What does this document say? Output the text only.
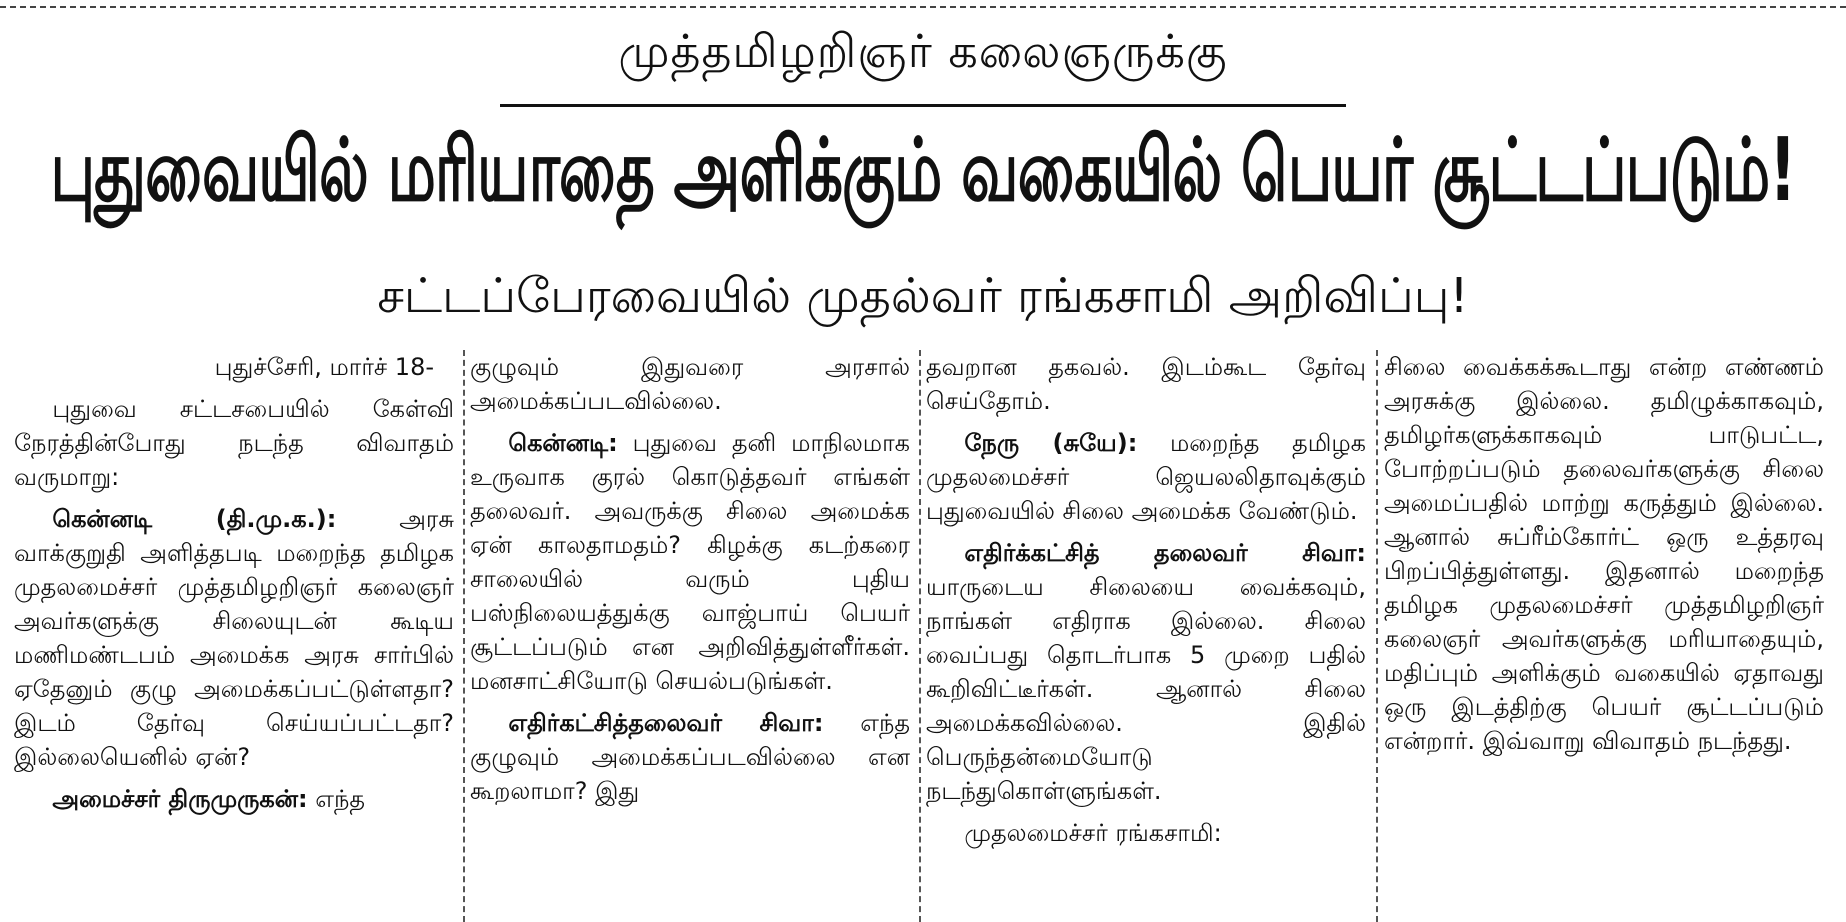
முத்தமிழறிஞர் கலைஞருக்கு
புதுவையில் மரியாதை அளிக்கும் வகையில் பெயர் சூட்டப்படும்!
சட்டப்பேரவையில் முதல்வர் ரங்கசாமி அறிவிப்பு!

புதுச்சேரி, மார்ச் 18-

புதுவை சட்டசபையில் கேள்வி நேரத்தின்போது நடந்த விவாதம் வருமாறு:

கென்னடி (தி.மு.க.):	அரசு வாக்குறுதி அளித்தபடி மறைந்த தமிழக முதலமைச்சர் முத்தமிழறிஞர் கலைஞர் அவர்களுக்கு சிலையுடன் கூடிய மணிமண்டபம் அமைக்க அரசு சார்பில் ஏதேனும் குழு அமைக்கப்பட்டுள்ளதா? இடம் தேர்வு செய்யப்பட்டதா? இல்லையெனில் ஏன்?

அமைச்சர் திருமுருகன்: எந்த

குழுவும் இதுவரை அரசால் அமைக்கப்படவில்லை.

கென்னடி: புதுவை தனி மாநிலமாக உருவாக குரல் கொடுத்தவர் எங்கள் தலைவர். அவருக்கு சிலை அமைக்க ஏன் காலதாமதம்? கிழக்கு கடற்கரை சாலையில் வரும் புதிய பஸ்நிலையத்துக்கு வாஜ்பாய் பெயர் சூட்டப்படும் என அறிவித்துள்ளீர்கள். மனசாட்சியோடு செயல்படுங்கள்.

எதிர்கட்சித்தலைவர் சிவா: எந்த குழுவும் அமைக்கப்படவில்லை என கூறலாமா? இது

தவறான தகவல். இடம்கூட தேர்வு செய்தோம்.

நேரு (சுயே): மறைந்த தமிழக முதலமைச்சர் ஜெயலலிதாவுக்கும் புதுவையில் சிலை அமைக்க வேண்டும்.

எதிர்க்கட்சித் தலைவர் சிவா: யாருடைய சிலையை வைக்கவும், நாங்கள் எதிராக இல்லை. சிலை வைப்பது தொடர்பாக 5 முறை பதில் கூறிவிட்டீர்கள். ஆனால் சிலை அமைக்கவில்லை. இதில் பெருந்தன்மையோடு நடந்துகொள்ளுங்கள்.

முதலமைச்சர் ரங்கசாமி:

சிலை வைக்கக்கூடாது என்ற எண்ணம் அரசுக்கு இல்லை. தமிழுக்காகவும், தமிழர்களுக்காகவும் பாடுபட்ட, போற்றப்படும் தலைவர்களுக்கு சிலை அமைப்பதில் மாற்று கருத்தும் இல்லை. ஆனால் சுப்ரீம்கோர்ட் ஒரு உத்தரவு பிறப்பித்துள்ளது. இதனால் மறைந்த தமிழக முதலமைச்சர் முத்தமிழறிஞர் கலைஞர் அவர்களுக்கு மரியாதையும், மதிப்பும் அளிக்கும் வகையில் ஏதாவது ஒரு இடத்திற்கு பெயர் சூட்டப்படும் என்றார். இவ்வாறு விவாதம் நடந்தது.
